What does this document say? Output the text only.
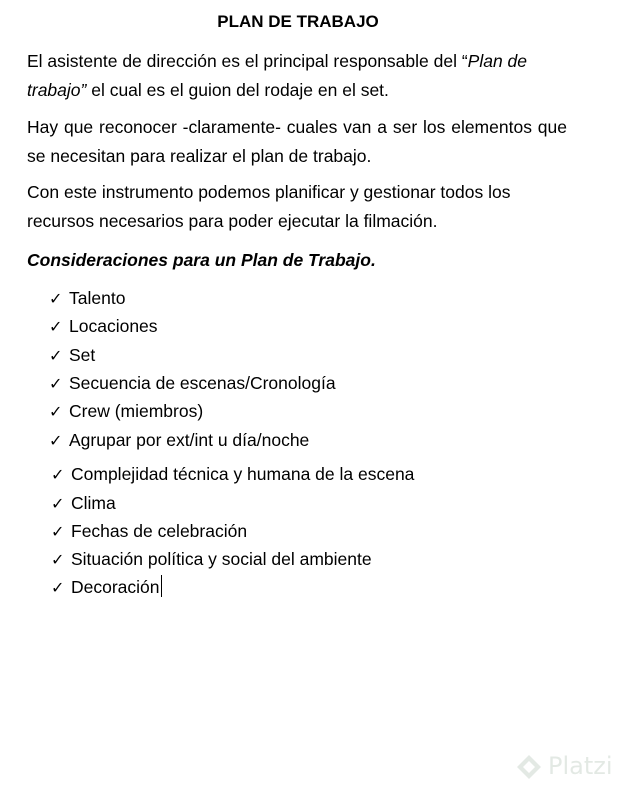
PLAN DE TRABAJO

El asistente de dirección es el principal responsable del “Plan de trabajo” el cual es el guion del rodaje en el set.

Hay que reconocer -claramente- cuales van a ser los elementos que se necesitan para realizar el plan de trabajo.

Con este instrumento podemos planificar y gestionar todos los recursos necesarios para poder ejecutar la filmación.

Consideraciones para un Plan de Trabajo.
✓ Talento
✓ Locaciones
✓ Set
✓ Secuencia de escenas/Cronología
✓ Crew (miembros)
✓ Agrupar por ext/int u día/noche
✓ Complejidad técnica y humana de la escena
✓ Clima
✓ Fechas de celebración
✓ Situación política y social del ambiente
✓ Decoración
Platzi
